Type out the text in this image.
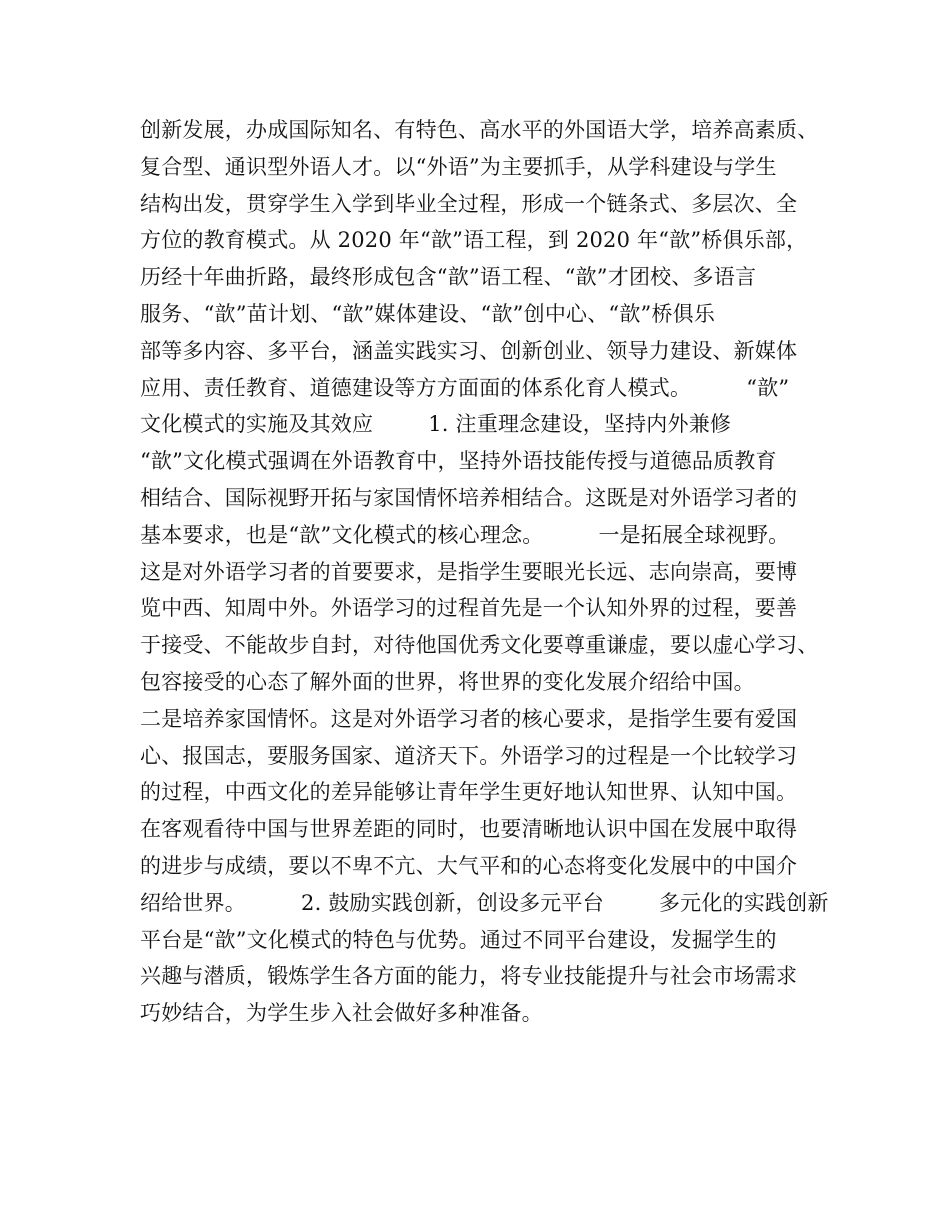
创新发展，办成国际知名、有特色、高水平的外国语大学，培养高素质、
复合型、通识型外语人才。以“外语”为主要抓手，从学科建设与学生
结构出发，贯穿学生入学到毕业全过程，形成一个链条式、多层次、全
方位的教育模式。从 2020 年“歆”语工程，到 2020 年“歆”桥俱乐部，
历经十年曲折路，最终形成包含“歆”语工程、“歆”才团校、多语言
服务、“歆”苗计划、“歆”媒体建设、“歆”创中心、“歆”桥俱乐
部等多内容、多平台，涵盖实践实习、创新创业、领导力建设、新媒体
应用、责任教育、道德建设等方方面面的体系化育人模式。        “歆”
文化模式的实施及其效应        1. 注重理念建设，坚持内外兼修
“歆”文化模式强调在外语教育中，坚持外语技能传授与道德品质教育
相结合、国际视野开拓与家国情怀培养相结合。这既是对外语学习者的
基本要求，也是“歆”文化模式的核心理念。        一是拓展全球视野。
这是对外语学习者的首要要求，是指学生要眼光长远、志向崇高，要博
览中西、知周中外。外语学习的过程首先是一个认知外界的过程，要善
于接受、不能故步自封，对待他国优秀文化要尊重谦虚，要以虚心学习、
包容接受的心态了解外面的世界，将世界的变化发展介绍给中国。
二是培养家国情怀。这是对外语学习者的核心要求，是指学生要有爱国
心、报国志，要服务国家、道济天下。外语学习的过程是一个比较学习
的过程，中西文化的差异能够让青年学生更好地认知世界、认知中国。
在客观看待中国与世界差距的同时，也要清晰地认识中国在发展中取得
的进步与成绩，要以不卑不亢、大气平和的心态将变化发展中的中国介
绍给世界。        2. 鼓励实践创新，创设多元平台        多元化的实践创新
平台是“歆”文化模式的特色与优势。通过不同平台建设，发掘学生的
兴趣与潜质，锻炼学生各方面的能力，将专业技能提升与社会市场需求
巧妙结合，为学生步入社会做好多种准备。
